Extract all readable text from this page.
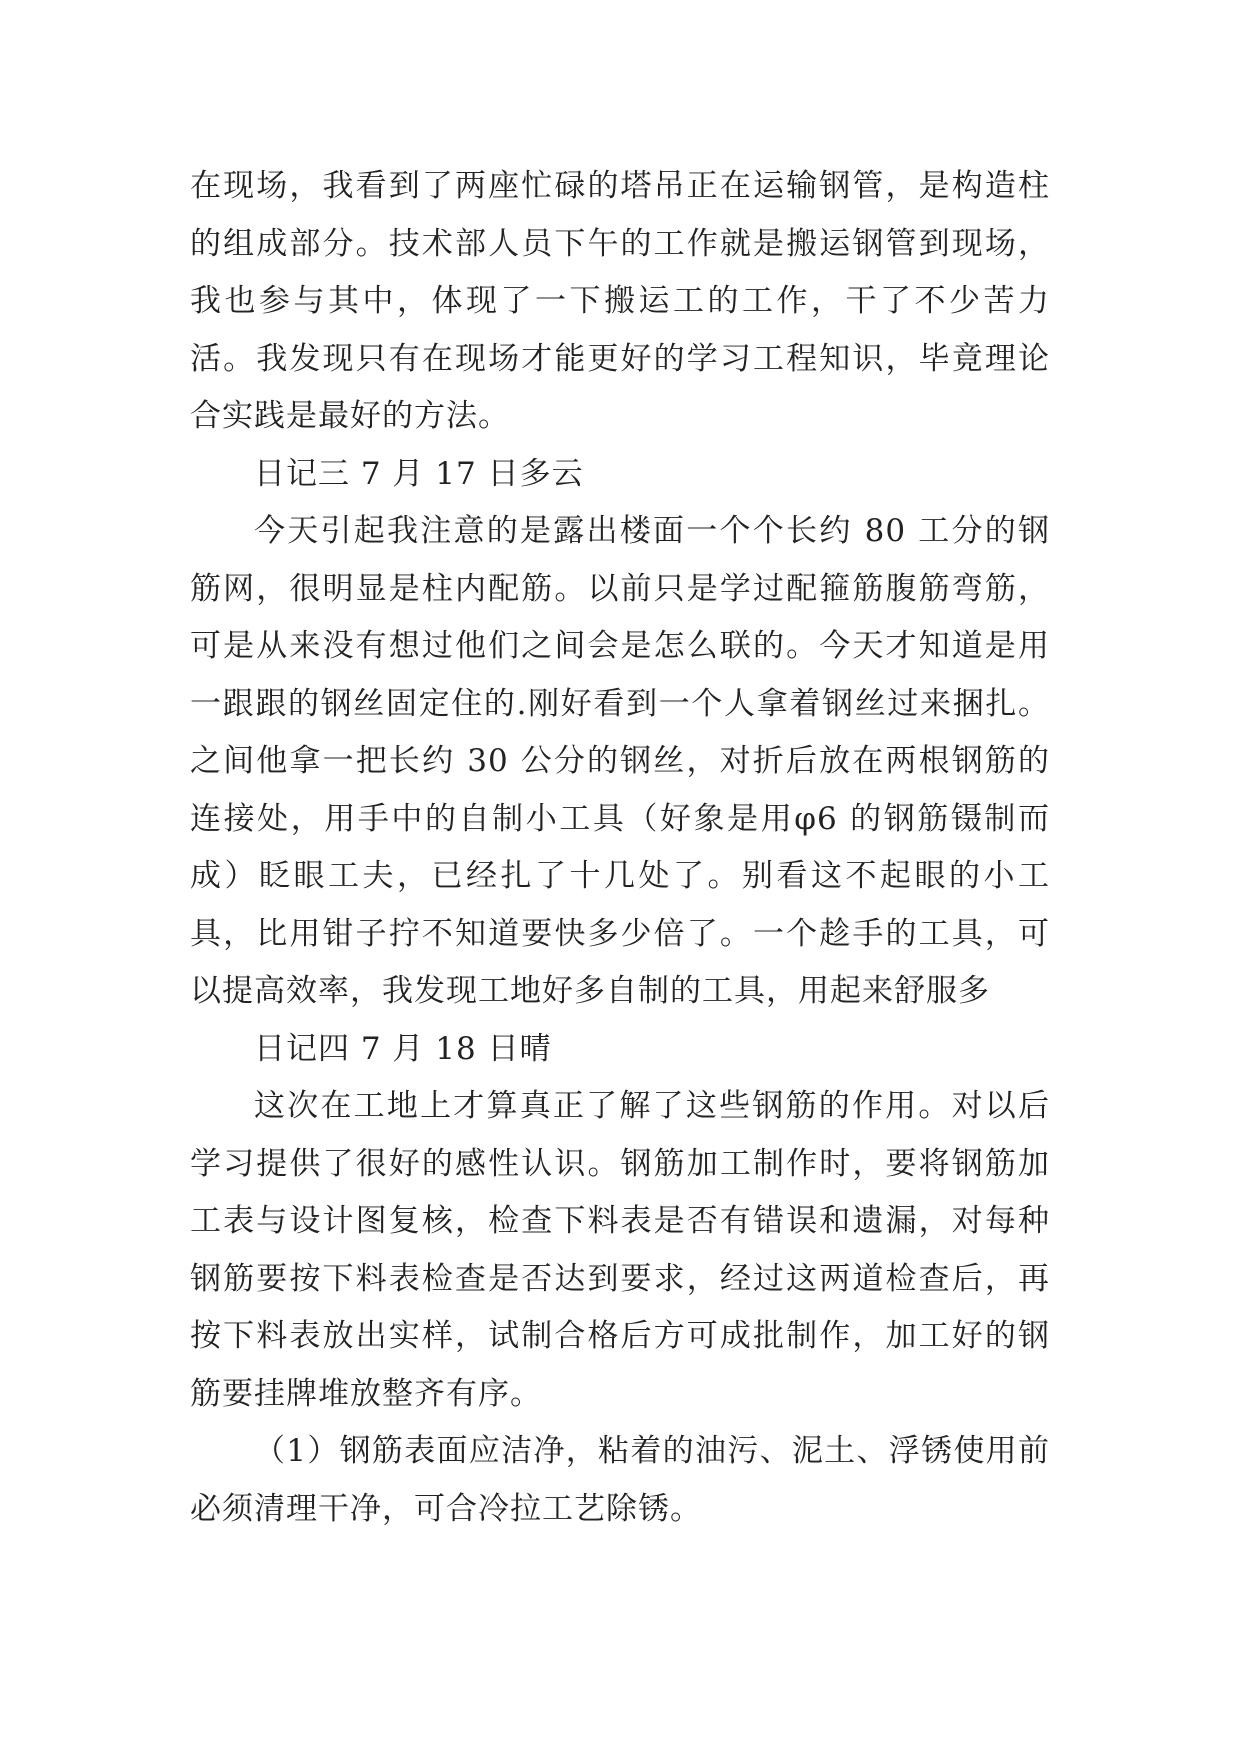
在现场，我看到了两座忙碌的塔吊正在运输钢管，是构造柱的组成部分。技术部人员下午的工作就是搬运钢管到现场，我也参与其中，体现了一下搬运工的工作，干了不少苦力活。我发现只有在现场才能更好的学习工程知识，毕竟理论合实践是最好的方法。

日记三 7 月 17 日多云

今天引起我注意的是露出楼面一个个长约 80 工分的钢筋网，很明显是柱内配筋。以前只是学过配箍筋腹筋弯筋，可是从来没有想过他们之间会是怎么联的。今天才知道是用一跟跟的钢丝固定住的.刚好看到一个人拿着钢丝过来捆扎。之间他拿一把长约 30 公分的钢丝，对折后放在两根钢筋的连接处，用手中的自制小工具（好象是用φ6 的钢筋镊制而成）眨眼工夫，已经扎了十几处了。别看这不起眼的小工具，比用钳子拧不知道要快多少倍了。一个趁手的工具，可以提高效率，我发现工地好多自制的工具，用起来舒服多

日记四 7 月 18 日晴

这次在工地上才算真正了解了这些钢筋的作用。对以后学习提供了很好的感性认识。钢筋加工制作时，要将钢筋加工表与设计图复核，检查下料表是否有错误和遗漏，对每种钢筋要按下料表检查是否达到要求，经过这两道检查后，再按下料表放出实样，试制合格后方可成批制作，加工好的钢筋要挂牌堆放整齐有序。

（1）钢筋表面应洁净，粘着的油污、泥土、浮锈使用前必须清理干净，可合冷拉工艺除锈。
